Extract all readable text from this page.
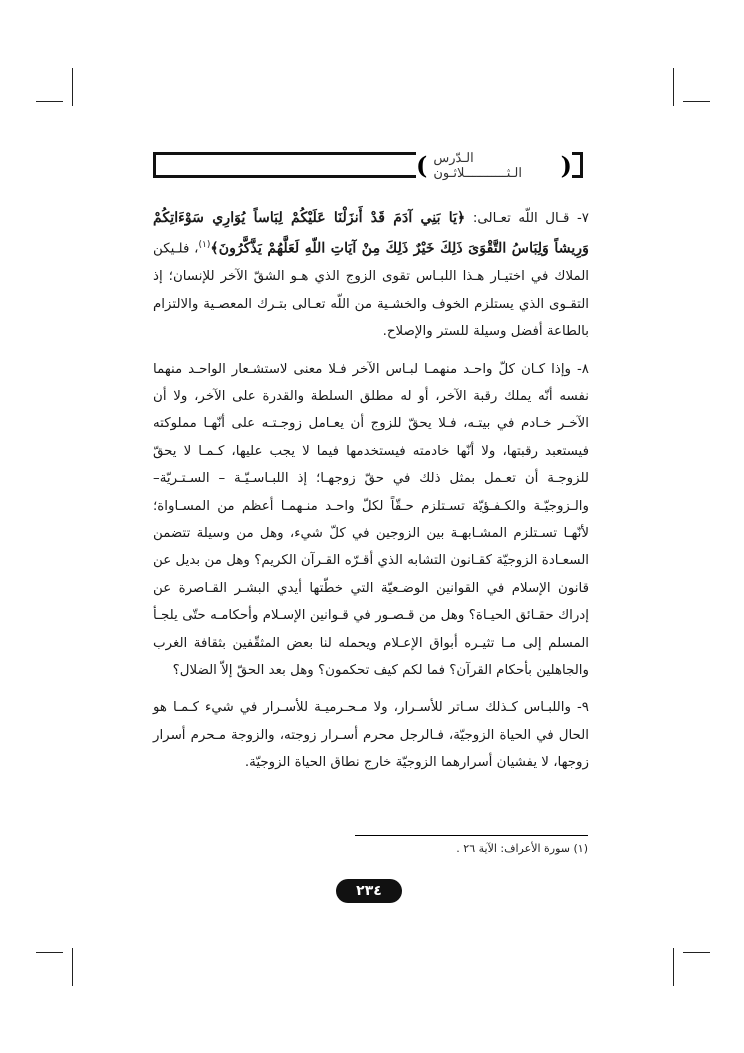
( الـدّرس الـثـــــــــــلاثـون	)

٧- قـال اللّه تعـالى: ﴿يَا بَنِي آدَمَ قَدْ أَنزَلْنَا عَلَيْكُمْ لِبَاساً يُوَارِي سَوْءَاتِكُمْ وَرِيشاً وَلِبَاسُ التَّقْوَىَ ذَلِكَ خَيْرٌ ذَلِكَ مِنْ آيَاتِ اللّهِ لَعَلَّهُمْ يَذَّكَّرُونَ﴾$^{(١)}$، فلـيكن الملاك في اختيـار هـذا اللبـاس تقوى الزوج الذي هـو الشقّ الآخر للإنسان؛ إذ التقـوى الذي يستلزم الخوف والخشـية من اللّه تعـالى بتـرك المعصـية والالتزام بالطاعة أفضل وسيلة للستر والإصلاح.

٨- وإذا كـان كلّ واحـد منهمـا لبـاس الآخر فـلا معنى لاستشـعار الواحـد منهما نفسه أنّه يملك رقبة الآخر، أو له مطلق السلطة والقدرة على الآخر، ولا أن الآخـر خـادم في بيتـه، فـلا يحقّ للزوج أن يعـامل زوجـتـه على أنّهـا مملوكته فيستعبد رقبتها، ولا أنّها خادمته فيستخدمها فيما لا يجب عليها، كـمـا لا يحقّ للزوجـة أن تعـمل بمثل ذلك في حقّ زوجهـا؛ إذ اللبـاسـيّـة – السـتـريّة– والـزوجيّـة والكـفـؤيّة تسـتلزم حـقّاً لكلّ واحـد منـهمـا أعظم من المسـاواة؛ لأنّهـا تسـتلزم المشـابهـة بين الزوجين في كلّ شيء، وهل من وسيلة تتضمن السعـادة الزوجيّة كقـانون التشابه الذي أقـرّه القـرآن الكريم؟ وهل من بديل عن قانون الإسلام في القوانين الوضـعيّة التي خطّتها أيدي البشـر القـاصرة عن إدراك حقـائق الحيـاة؟ وهل من قـصـور في قـوانين الإسـلام وأحكامـه حتّى يلجـأ المسلم إلى مـا تثيـره أبواق الإعـلام ويحمله لنا بعض المثقّفين بثقافة الغرب والجاهلين بأحكام القرآن؟ فما لكم كيف تحكمون؟ وهل بعد الحقّ إلاّ الضلال؟

٩- واللبـاس كـذلك سـاتر للأسـرار، ولا مـحـرميـة للأسـرار في شيء كـمـا هو الحال في الحياة الزوجيّة، فـالرجل محرم أسـرار زوجته، والزوجة مـحرم أسرار زوجها، لا يفشيان أسرارهما الزوجيّة خارج نطاق الحياة الزوجيّة.

(١) سورة الأعراف: الآية ٢٦ .
٢٣٤
